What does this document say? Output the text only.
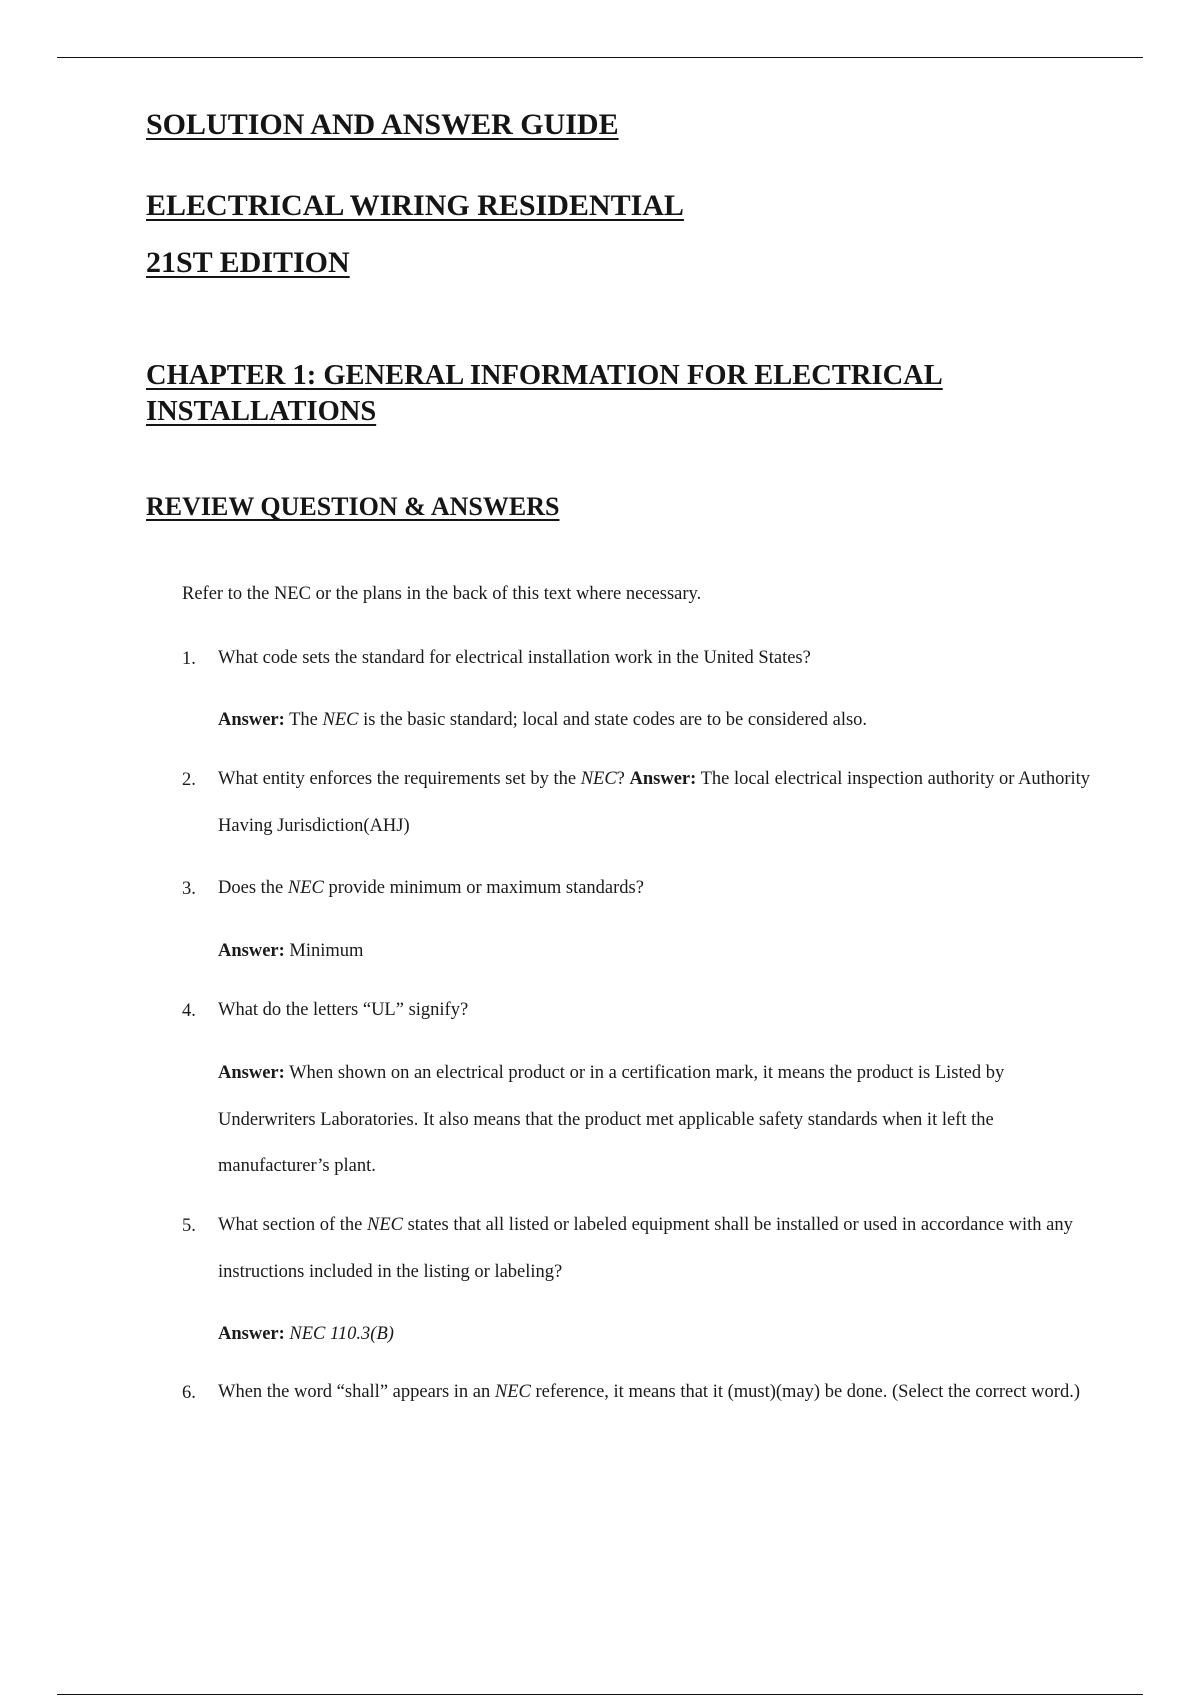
SOLUTION AND ANSWER GUIDE
ELECTRICAL WIRING RESIDENTIAL
21ST EDITION
CHAPTER 1: GENERAL INFORMATION FOR ELECTRICAL INSTALLATIONS
REVIEW QUESTION & ANSWERS
Refer to the NEC or the plans in the back of this text where necessary.
1. What code sets the standard for electrical installation work in the United States?
Answer: The NEC is the basic standard; local and state codes are to be considered also.
2. What entity enforces the requirements set by the NEC? Answer: The local electrical inspection authority or Authority Having Jurisdiction(AHJ)
3. Does the NEC provide minimum or maximum standards?
Answer: Minimum
4. What do the letters “UL” signify?
Answer: When shown on an electrical product or in a certification mark, it means the product is Listed by Underwriters Laboratories. It also means that the product met applicable safety standards when it left the manufacturer’s plant.
5. What section of the NEC states that all listed or labeled equipment shall be installed or used in accordance with any instructions included in the listing or labeling?
Answer: NEC 110.3(B)
6. When the word “shall” appears in an NEC reference, it means that it (must)(may) be done. (Select the correct word.)
